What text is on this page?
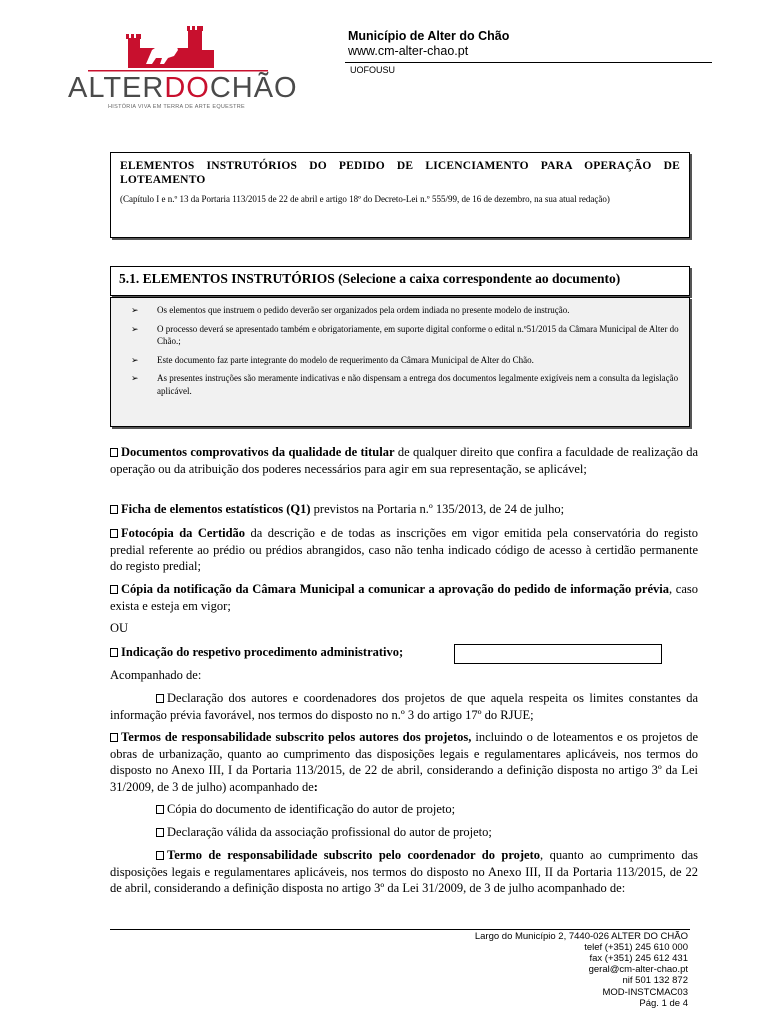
ALTERDOCHÃO
HISTÓRIA VIVA EM TERRA DE ARTE EQUESTRE
Município de Alter do Chão
www.cm-alter-chao.pt
UOFOUSU
ELEMENTOS INSTRUTÓRIOS DO PEDIDO DE LICENCIAMENTO PARA OPERAÇÃO DE LOTEAMENTO
(Capítulo I e n.º 13 da Portaria 113/2015 de 22 de abril e artigo 18º do Decreto-Lei n.º 555/99, de 16 de dezembro, na sua atual redação)
5.1. ELEMENTOS INSTRUTÓRIOS (Selecione a caixa correspondente ao documento)
➢	Os elementos que instruem o pedido deverão ser organizados pela ordem indiada no presente modelo de instrução.
➢	O processo deverá se apresentado também e obrigatoriamente, em suporte digital conforme o edital n.º51/2015 da Câmara Municipal de Alter do Chão.;
➢	Este documento faz parte integrante do modelo de requerimento da Câmara Municipal de Alter do Chão.
➢	As presentes instruções são meramente indicativas e não dispensam a entrega dos documentos legalmente exigíveis nem a consulta da legislação aplicável.
Documentos comprovativos da qualidade de titular de qualquer direito que confira a faculdade de realização da operação ou da atribuição dos poderes necessários para agir em sua representação, se aplicável;
Ficha de elementos estatísticos (Q1) previstos na Portaria n.º 135/2013, de 24 de julho;
Fotocópia da Certidão da descrição e de todas as inscrições em vigor emitida pela conservatória do registo predial referente ao prédio ou prédios abrangidos, caso não tenha indicado código de acesso à certidão permanente do registo predial;
Cópia da notificação da Câmara Municipal a comunicar a aprovação do pedido de informação prévia, caso exista e esteja em vigor;
OU
Indicação do respetivo procedimento administrativo;
Acompanhado de:
Declaração dos autores e coordenadores dos projetos de que aquela respeita os limites constantes da informação prévia favorável, nos termos do disposto no n.º 3 do artigo 17º do RJUE;
Termos de responsabilidade subscrito pelos autores dos projetos, incluindo o de loteamentos e os projetos de obras de urbanização, quanto ao cumprimento das disposições legais e regulamentares aplicáveis, nos termos do disposto no Anexo III, I da Portaria 113/2015, de 22 de abril, considerando a definição disposta no artigo 3º da Lei 31/2009, de 3 de julho) acompanhado de:
Cópia do documento de identificação do autor de projeto;
Declaração válida da associação profissional do autor de projeto;
Termo de responsabilidade subscrito pelo coordenador do projeto, quanto ao cumprimento das disposições legais e regulamentares aplicáveis, nos termos do disposto no Anexo III, II da Portaria 113/2015, de 22 de abril, considerando a definição disposta no artigo 3º da Lei 31/2009, de 3 de julho acompanhado de:
Largo do Município 2, 7440-026 ALTER DO CHÃO
telef (+351) 245 610 000
fax (+351) 245 612 431
geral@cm-alter-chao.pt
nif 501 132 872
MOD-INSTCMAC03
Pág. 1 de 4
